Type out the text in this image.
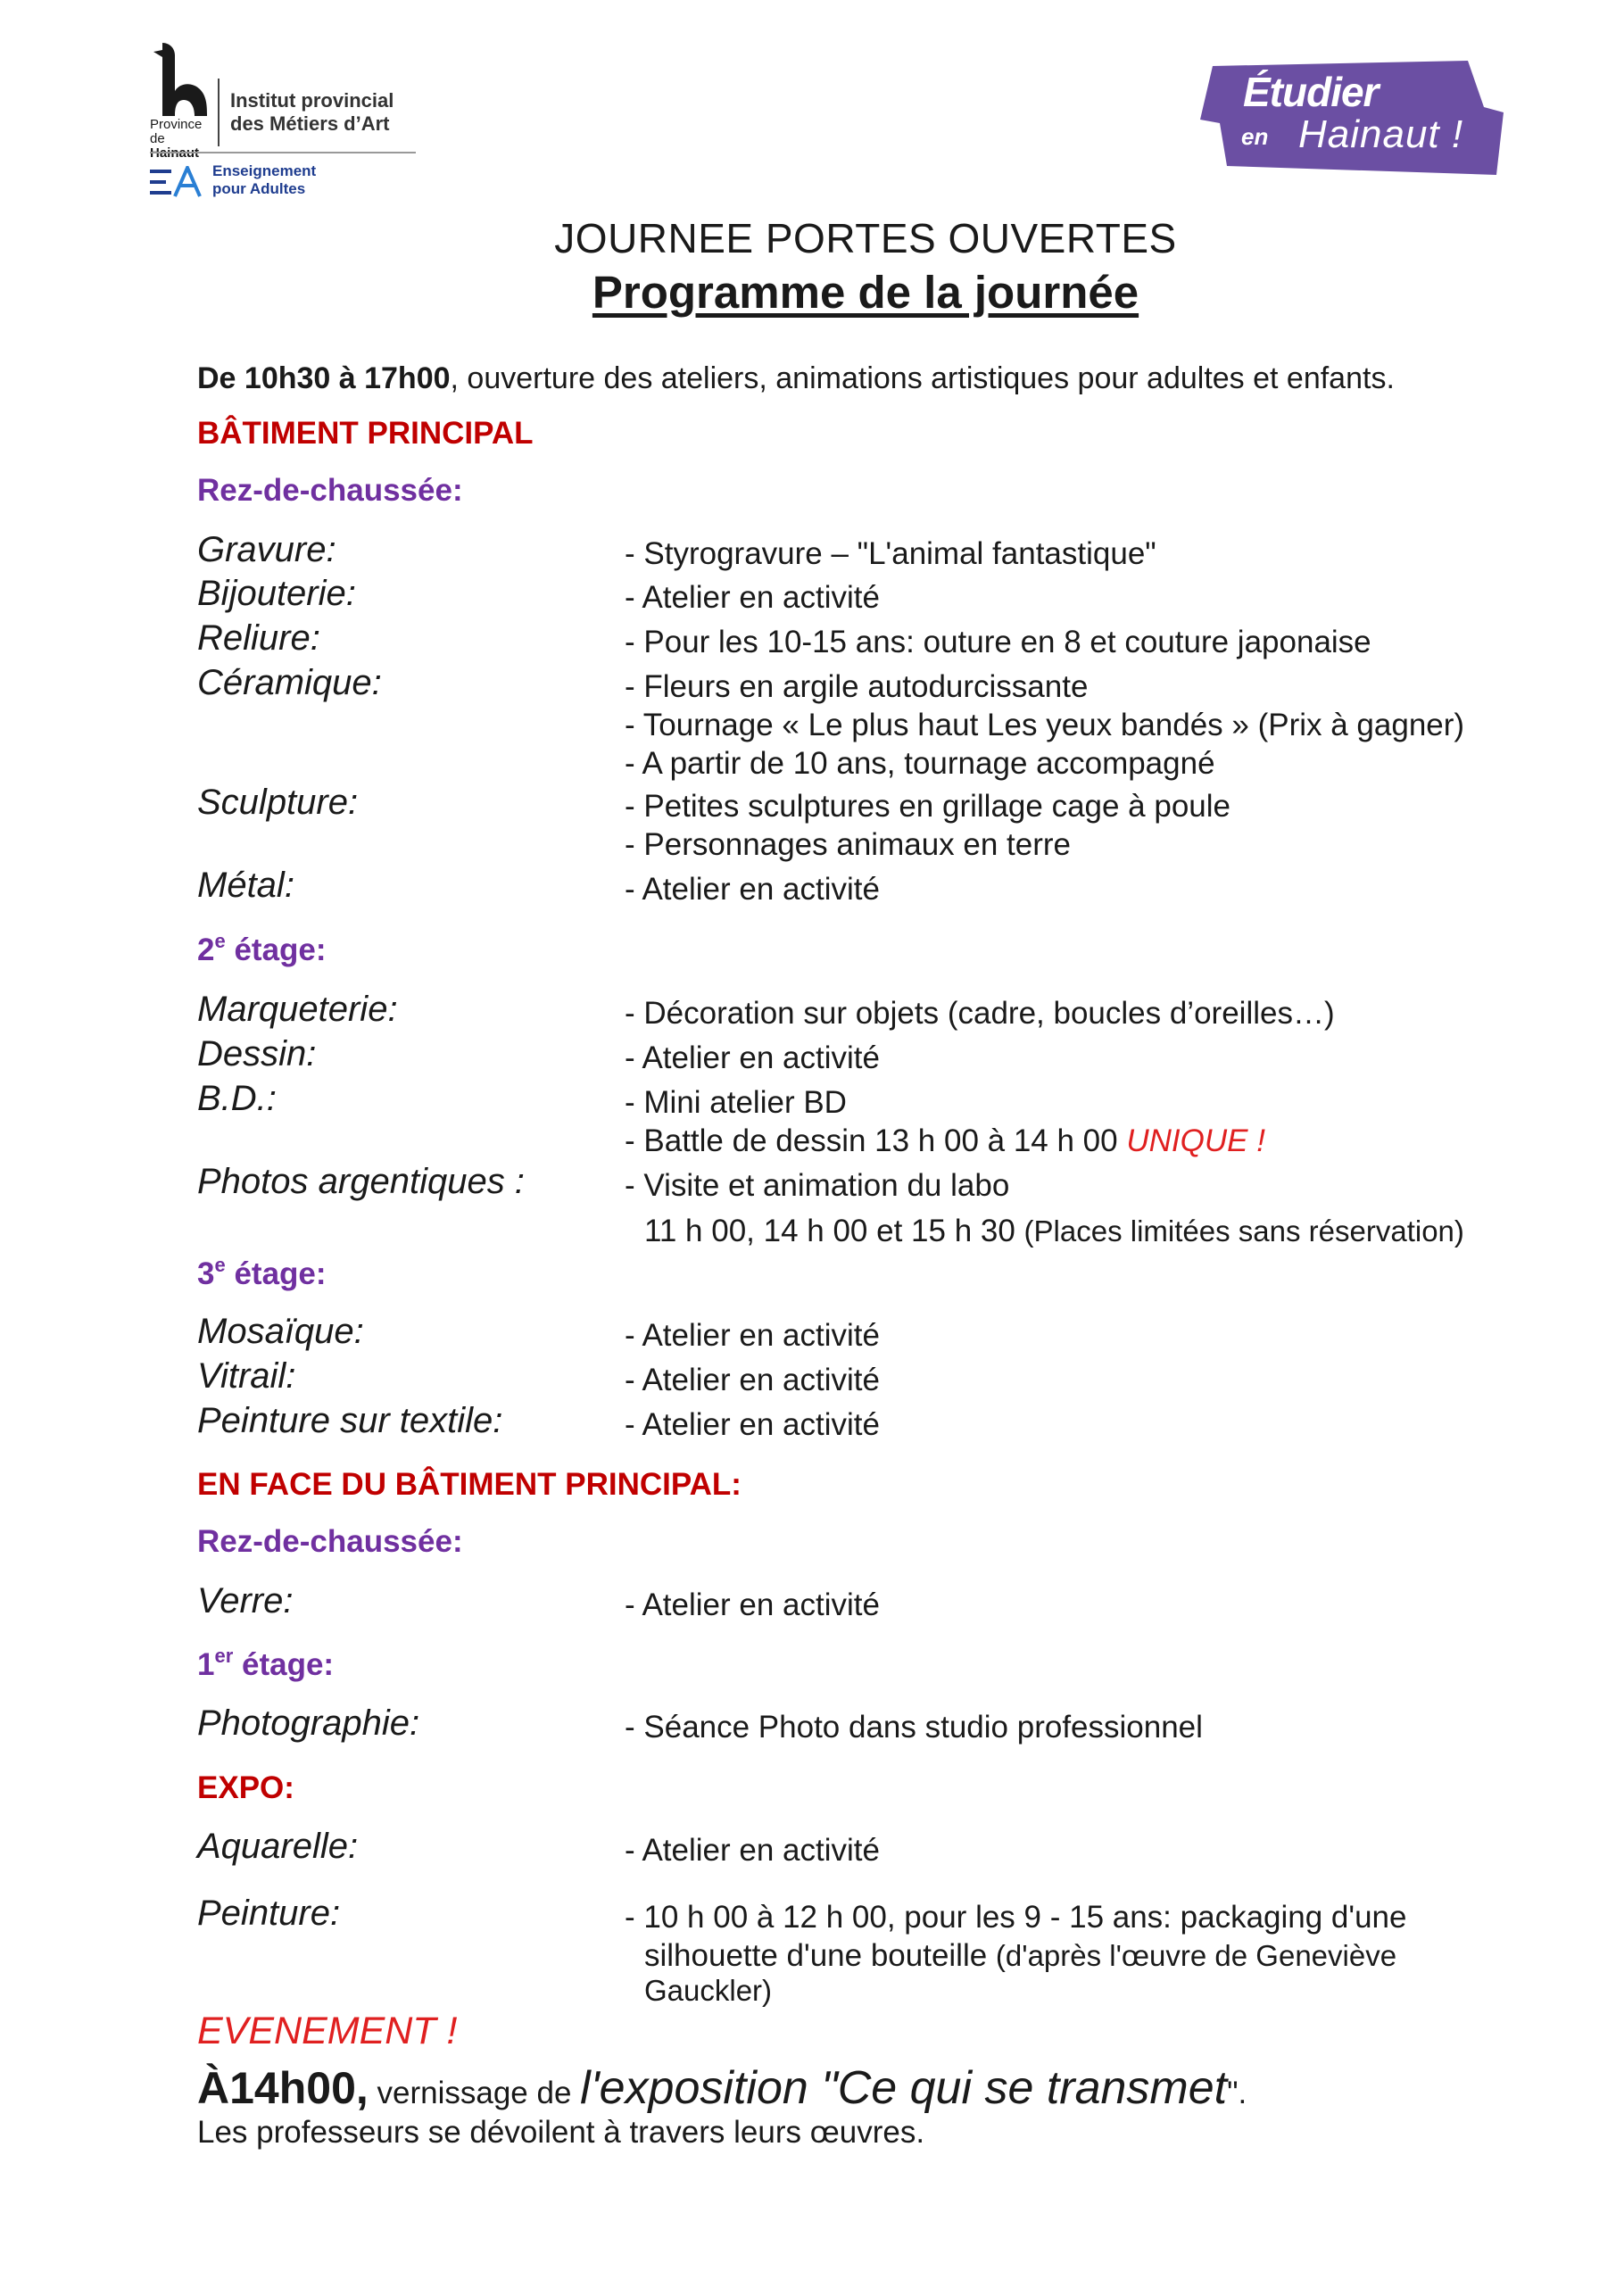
Province de

Institut provincial
des Métiers d’Art
Enseignement
pour Adultes
Étudier
en Hainaut !
JOURNEE PORTES OUVERTES
Programme de la journée
De 10h30 à 17h00, ouverture des ateliers, animations artistiques pour adultes et enfants.
BÂTIMENT PRINCIPAL
Rez-de-chaussée:
Gravure:	- Styrogravure – "L'animal fantastique"
Bijouterie:	- Atelier en activité
Reliure:	- Pour les 10-15 ans: outure en 8 et couture japonaise
Céramique:	- Fleurs en argile autodurcissante
- Tournage « Le plus haut Les yeux bandés » (Prix à gagner)
- A partir de 10 ans, tournage accompagné
Sculpture:	- Petites sculptures en grillage cage à poule
- Personnages animaux en terre
Métal:	- Atelier en activité
2e étage:
Marqueterie:	- Décoration sur objets (cadre, boucles d’oreilles…)
Dessin:	- Atelier en activité
B.D.:	- Mini atelier BD
- Battle de dessin 13 h 00 à 14 h 00 UNIQUE !
Photos argentiques :	- Visite et animation du labo
11 h 00, 14 h 00 et 15 h 30 (Places limitées sans réservation)
3e étage:
Mosaïque:	- Atelier en activité
Vitrail:	- Atelier en activité
Peinture sur textile:	- Atelier en activité
EN FACE DU BÂTIMENT PRINCIPAL:
Rez-de-chaussée:
Verre:	- Atelier en activité
1er étage:
Photographie:	- Séance Photo dans studio professionnel
EXPO:
Aquarelle:	- Atelier en activité
Peinture:	- 10 h 00 à 12 h 00, pour les 9 - 15 ans: packaging d'une
silhouette d'une bouteille (d'après l'œuvre de Geneviève
Gauckler)
EVENEMENT !
À14h00, vernissage de l'exposition "Ce qui se transmet".
Les professeurs se dévoilent à travers leurs œuvres.
